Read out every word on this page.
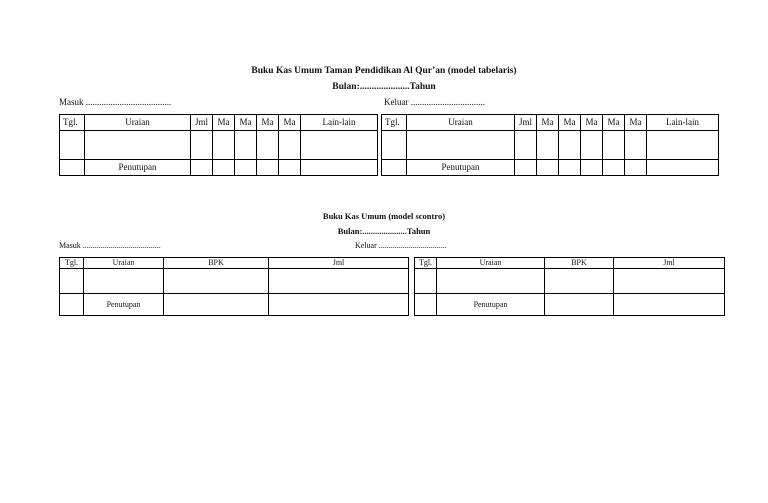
Buku Kas Umum Taman Pendidikan Al Qur’an (model tabelaris)
Bulan:.....................Tahun
Masuk ......................................	Keluar .................................
Tgl.	Uraian	Jml	Ma	Ma	Ma	Ma	Lain-lain

	Penutupan						
Tgl.	Uraian	Jml	Ma	Ma	Ma	Ma	Ma	Lain-lain

	Penutupan							
Buku Kas Umum (model scontro)
Bulan:.....................Tahun
Masuk .......................................	Keluar ..................................
Tgl.	Uraian	BPK	Jml

	Penutupan		
Tgl.	Uraian	BPK	Jml

	Penutupan		
